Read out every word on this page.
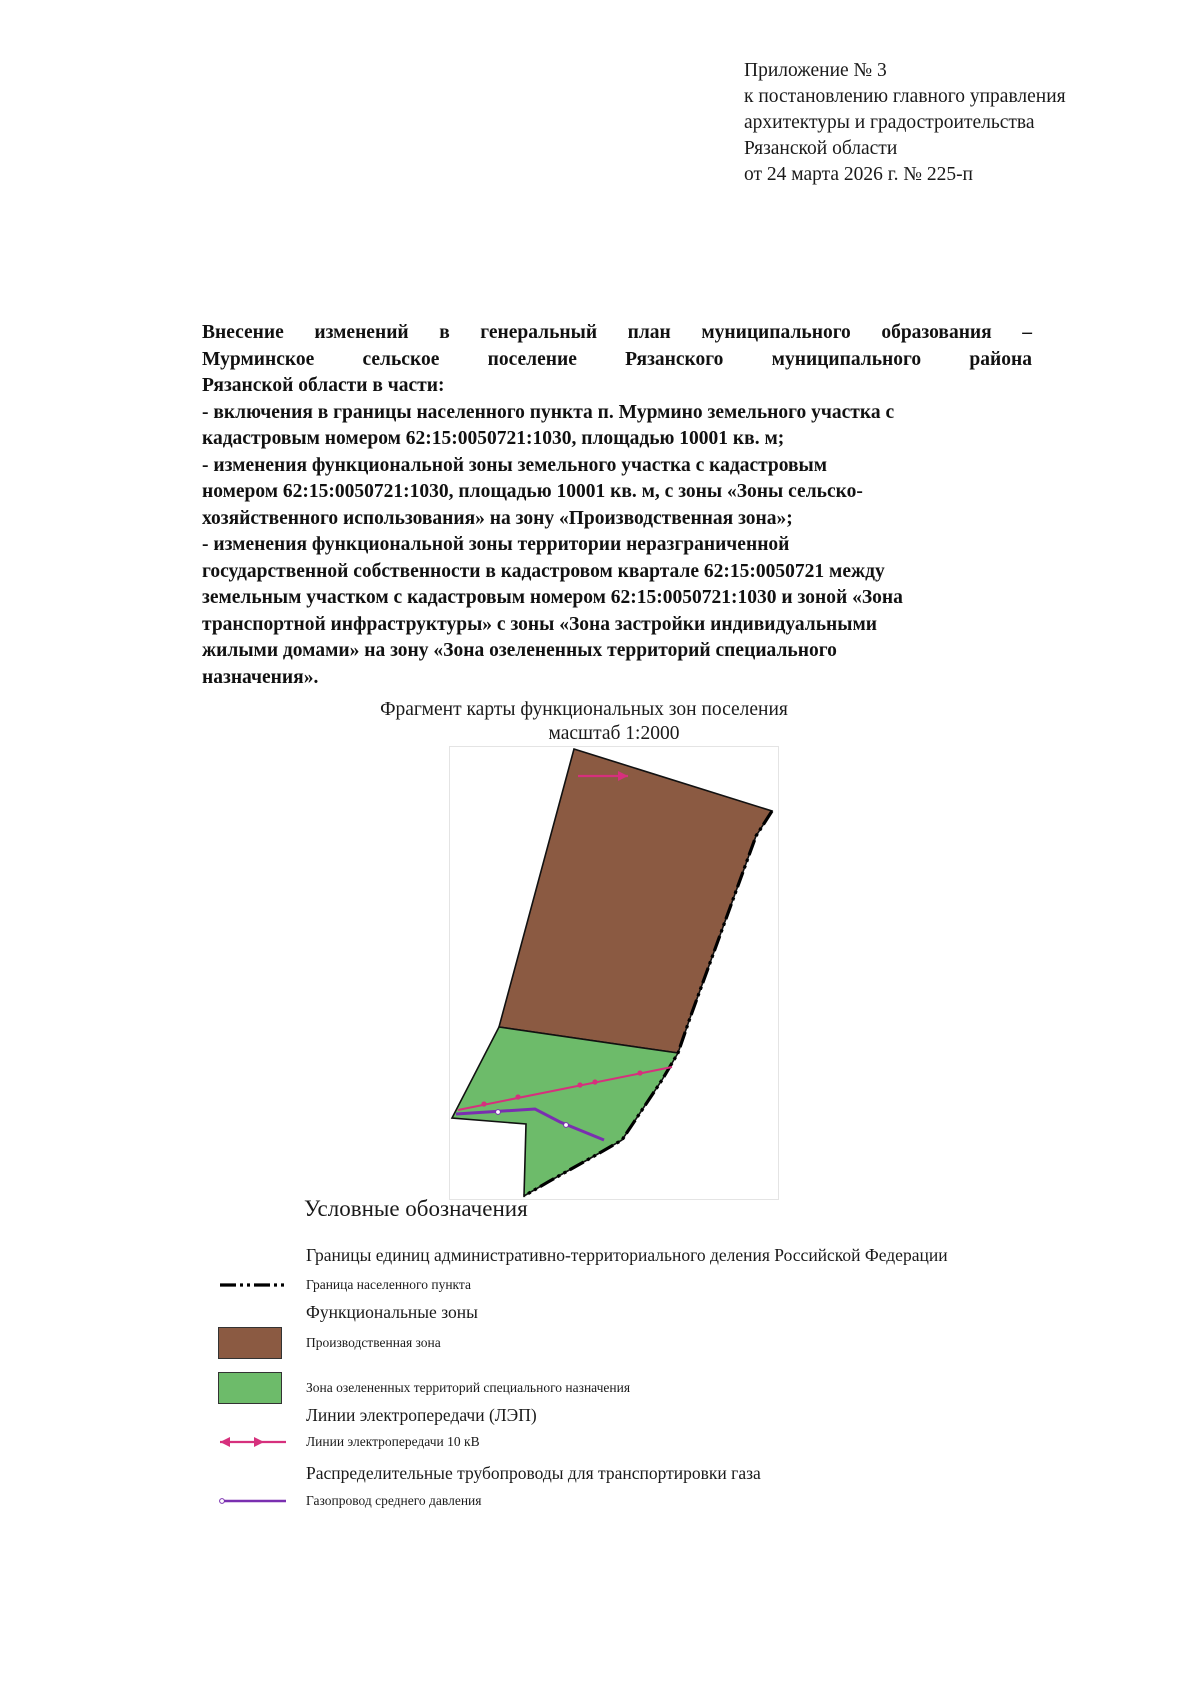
Приложение № 3
к постановлению главного управления
архитектуры и градостроительства
Рязанской области
от 24 марта 2026 г. № 225-п

Внесение изменений в генеральный план муниципального образования –

Мурминское сельское поселение Рязанского муниципального района

Рязанской области в части:

- включения в границы населенного пункта п. Мурмино земельного участка с

кадастровым номером 62:15:0050721:1030, площадью 10001 кв. м;

- изменения функциональной зоны земельного участка с кадастровым

номером 62:15:0050721:1030, площадью 10001 кв. м, с зоны «Зоны сельско-

хозяйственного использования» на зону «Производственная зона»;

- изменения функциональной зоны территории неразграниченной

государственной собственности в кадастровом квартале 62:15:0050721 между

земельным участком с кадастровым номером 62:15:0050721:1030 и зоной «Зона

транспортной инфраструктуры» с зоны «Зона застройки индивидуальными

жилыми домами» на зону «Зона озелененных территорий специального

назначения».

Фрагмент карты функциональных зон поселения
масштаб 1:2000
Условные обозначения
Границы единиц административно-территориального деления Российской Федерации
Граница населенного пункта
Функциональные зоны
Производственная зона
Зона озелененных территорий специального назначения
Линии электропередачи (ЛЭП)
Линии электропередачи 10 кВ
Распределительные трубопроводы для транспортировки газа
Газопровод среднего давления
